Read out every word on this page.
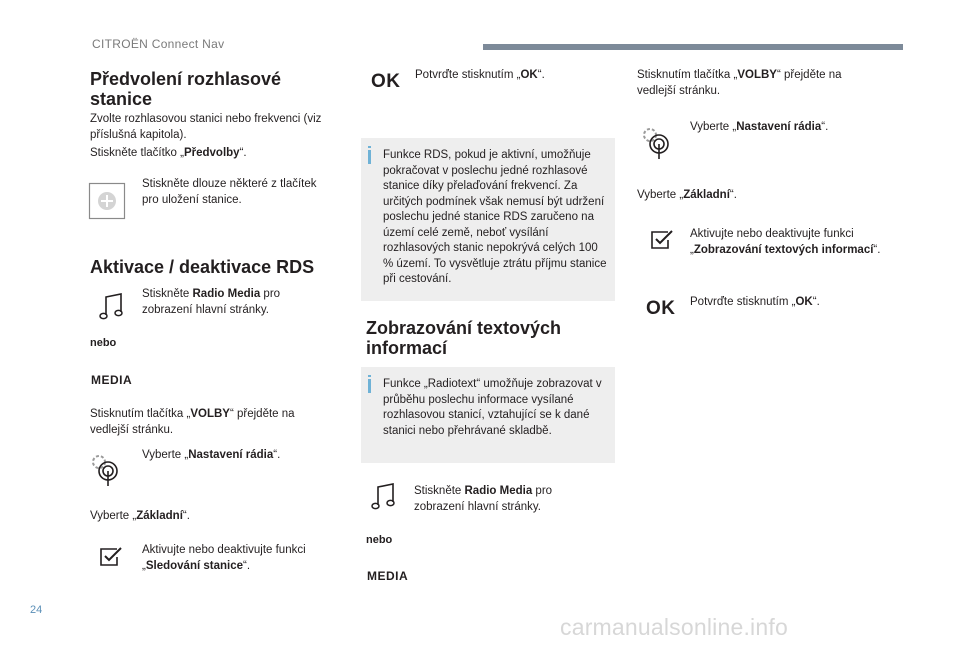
CITROËN Connect Nav
Předvolení rozhlasové stanice
Zvolte rozhlasovou stanici nebo frekvenci (viz příslušná kapitola).
Stiskněte tlačítko „Předvolby“.
Stiskněte dlouze některé z tlačítek pro uložení stanice.
Aktivace / deaktivace RDS
Stiskněte Radio Media pro zobrazení hlavní stránky.
nebo
MEDIA
Stisknutím tlačítka „VOLBY“ přejděte na vedlejší stránku.
Vyberte „Nastavení rádia“.
Vyberte „Základní“.
Aktivujte nebo deaktivujte funkci „Sledování stanice“.
OK Potvrďte stisknutím „OK“.
Funkce RDS, pokud je aktivní, umožňuje pokračovat v poslechu jedné rozhlasové stanice díky přelaďování frekvencí. Za určitých podmínek však nemusí být udržení poslechu jedné stanice RDS zaručeno na území celé země, neboť vysílání rozhlasových stanic nepokrývá celých 100 % území. To vysvětluje ztrátu příjmu stanice při cestování.
Zobrazování textových informací
Funkce „Radiotext“ umožňuje zobrazovat v průběhu poslechu informace vysílané rozhlasovou stanicí, vztahující se k dané stanici nebo přehrávané skladbě.
Stiskněte Radio Media pro zobrazení hlavní stránky.
nebo
MEDIA
Stisknutím tlačítka „VOLBY“ přejděte na vedlejší stránku.
Vyberte „Nastavení rádia“.
Vyberte „Základní“.
Aktivujte nebo deaktivujte funkci „Zobrazování textových informací“.
OK Potvrďte stisknutím „OK“.
24
carmanualsonline.info
